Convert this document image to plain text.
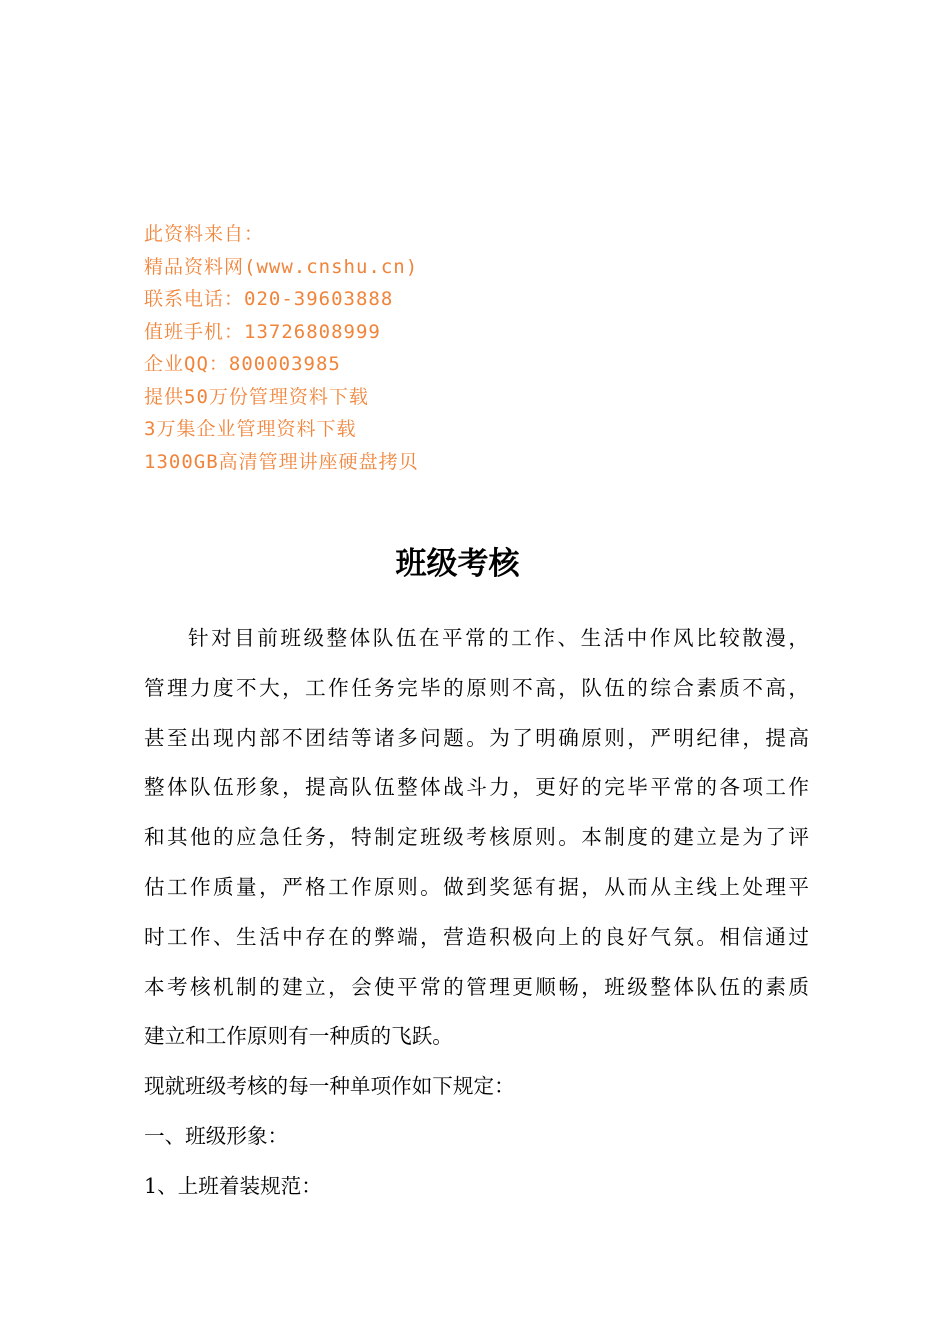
此资料来自：
精品资料网(www.cnshu.cn)
联系电话：020-39603888
值班手机：13726808999
企业QQ：800003985
提供50万份管理资料下载
3万集企业管理资料下载
1300GB高清管理讲座硬盘拷贝
班级考核
针对目前班级整体队伍在平常的工作、生活中作风比较散漫，
管理力度不大，工作任务完毕的原则不高，队伍的综合素质不高，
甚至出现内部不团结等诸多问题。为了明确原则，严明纪律，提高
整体队伍形象，提高队伍整体战斗力，更好的完毕平常的各项工作
和其他的应急任务，特制定班级考核原则。本制度的建立是为了评
估工作质量，严格工作原则。做到奖惩有据，从而从主线上处理平
时工作、生活中存在的弊端，营造积极向上的良好气氛。相信通过
本考核机制的建立，会使平常的管理更顺畅，班级整体队伍的素质
建立和工作原则有一种质的飞跃。
现就班级考核的每一种单项作如下规定：
一、班级形象：
1、上班着装规范：
